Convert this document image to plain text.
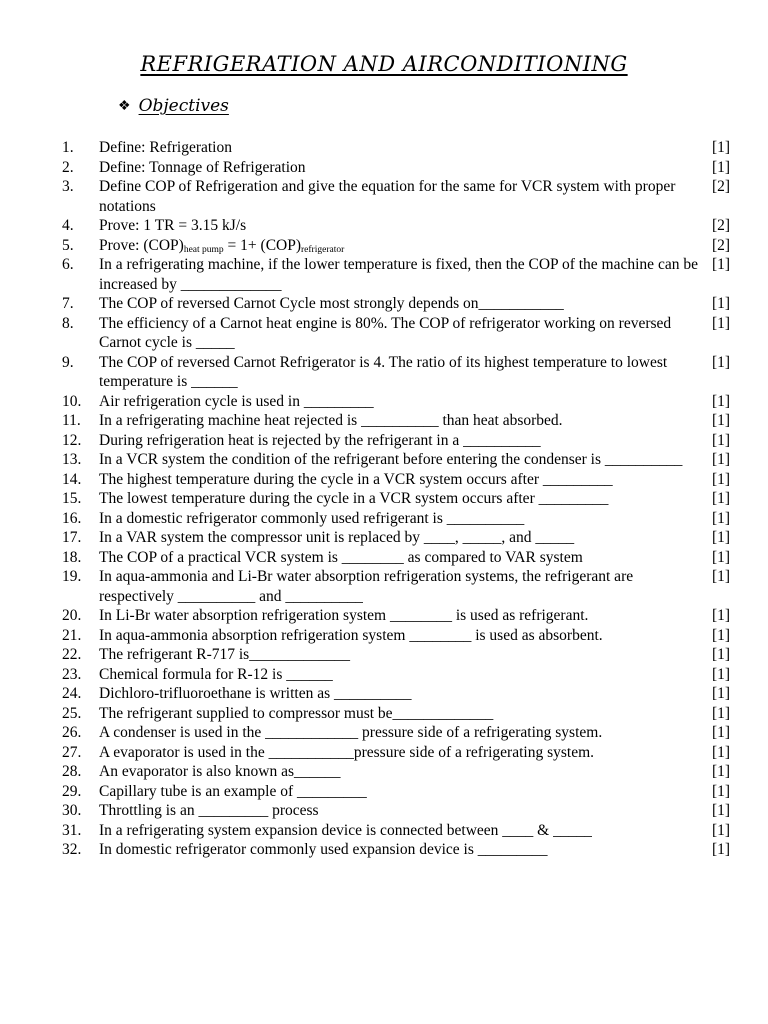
REFRIGERATION AND AIRCONDITIONING
❖ Objectives
1. Define: Refrigeration	[1]
2. Define: Tonnage of Refrigeration	[1]
3. Define COP of Refrigeration and give the equation for the same for VCR system with proper notations
[2]
4. Prove: 1 TR = 3.15 kJ/s	[2]
5. Prove: $(COP)_{heat pump} = 1+ (COP)_{refrigerator}$	[2]
6. In a refrigerating machine, if the lower temperature is fixed, then the COP of the machine can be increased by _____________
[1]
7. The COP of reversed Carnot Cycle most strongly depends on___________	[1]
8. The efficiency of a Carnot heat engine is 80%. The COP of refrigerator working on reversed Carnot cycle is _____
[1]
9. The COP of reversed Carnot Refrigerator is 4. The ratio of its highest temperature to lowest temperature is ______
[1]
10. Air refrigeration cycle is used in _________	[1]
11. In a refrigerating machine heat rejected is __________ than heat absorbed.	[1]
12. During refrigeration heat is rejected by the refrigerant in a __________	[1]
13. In a VCR system the condition of the refrigerant before entering the condenser is __________	[1]
14. The highest temperature during the cycle in a VCR system occurs after _________	[1]
15. The lowest temperature during the cycle in a VCR system occurs after _________	[1]
16. In a domestic refrigerator commonly used refrigerant is __________	[1]
17. In a VAR system the compressor unit is replaced by ____, _____, and _____	[1]
18. The COP of a practical VCR system is ________ as compared to VAR system	[1]
19. In aqua-ammonia and Li-Br water absorption refrigeration systems, the refrigerant are respectively __________ and __________
[1]
20. In Li-Br water absorption refrigeration system ________ is used as refrigerant.	[1]
21. In aqua-ammonia absorption refrigeration system ________ is used as absorbent.	[1]
22. The refrigerant R-717 is_____________	[1]
23. Chemical formula for R-12 is ______	[1]
24. Dichloro-trifluoroethane is written as __________	[1]
25. The refrigerant supplied to compressor must be_____________	[1]
26. A condenser is used in the ____________ pressure side of a refrigerating system.	[1]
27. A evaporator is used in the ___________pressure side of a refrigerating system.	[1]
28. An evaporator is also known as______	[1]
29. Capillary tube is an example of _________	[1]
30. Throttling is an _________ process	[1]
31. In a refrigerating system expansion device is connected between ____ & _____	[1]
32. In domestic refrigerator commonly used expansion device is _________	[1]
